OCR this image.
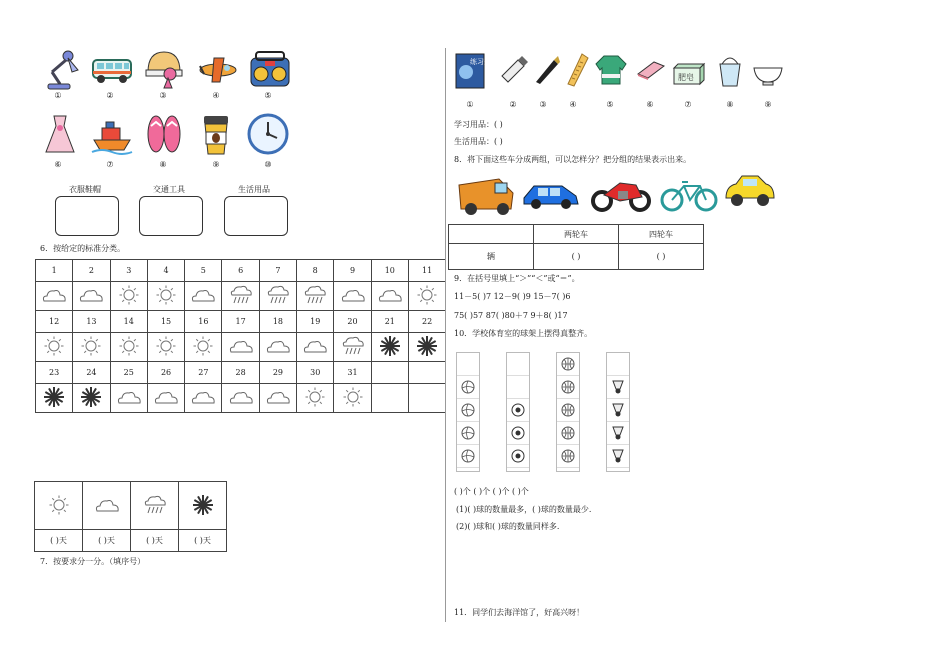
①	②	③	④	⑤
⑥	⑦	⑧	⑨	⑩
衣服鞋帽	交通工具	生活用品
6．按给定的标准分类。
1	2	3	4	5	6	7	8	9	10	11

12	13	14	15	16	17	18	19	20	21	22

23	24	25	26	27	28	29	30	31		

( )天	( )天	( )天	( )天
7．按要求分一分。（填序号）
练习册
肥皂
①	②	③	④	⑤	⑥	⑦	⑧	⑨
学习用品：( )
生活用品：( )
8．将下面这些车分成两组，可以怎样分？把分组的结果表示出来。
	两轮车	四轮车
辆	( )	( )
9．在括号里填上“＞”“＜”或“＝”。
11－5( )7 12－9( )9 15－7( )6
75( )57 87( )80＋7 9＋8( )17
10．学校体育室的球架上摆得真整齐。
( )个 ( )个 ( )个 ( )个
(1)( )球的数量最多，( )球的数量最少.
(2)( )球和( )球的数量同样多.
11．同学们去海洋馆了，好高兴呀！
